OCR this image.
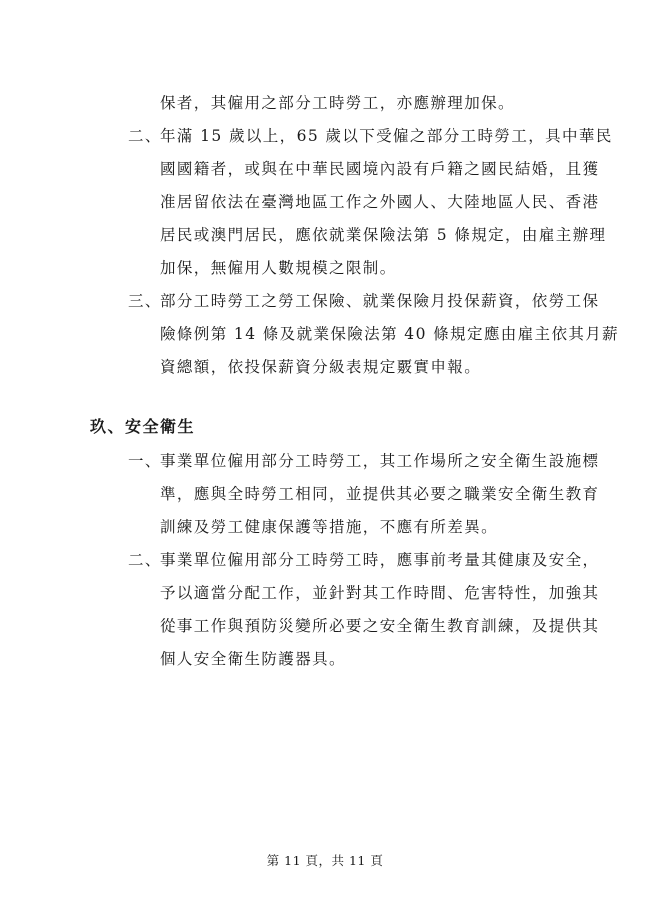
保者，其僱用之部分工時勞工，亦應辦理加保。
二、
年滿 15 歲以上，65 歲以下受僱之部分工時勞工，具中華民
國國籍者，或與在中華民國境內設有戶籍之國民結婚，且獲
准居留依法在臺灣地區工作之外國人、大陸地區人民、香港
居民或澳門居民，應依就業保險法第 5 條規定，由雇主辦理
加保，無僱用人數規模之限制。
三、
部分工時勞工之勞工保險、就業保險月投保薪資，依勞工保
險條例第 14 條及就業保險法第 40 條規定應由雇主依其月薪
資總額，依投保薪資分級表規定覈實申報。
玖、安全衛生
一、
事業單位僱用部分工時勞工，其工作場所之安全衛生設施標
準，應與全時勞工相同，並提供其必要之職業安全衛生教育
訓練及勞工健康保護等措施，不應有所差異。
二、
事業單位僱用部分工時勞工時，應事前考量其健康及安全，
予以適當分配工作，並針對其工作時間、危害特性，加強其
從事工作與預防災變所必要之安全衛生教育訓練，及提供其
個人安全衛生防護器具。
第 11 頁，共 11 頁
